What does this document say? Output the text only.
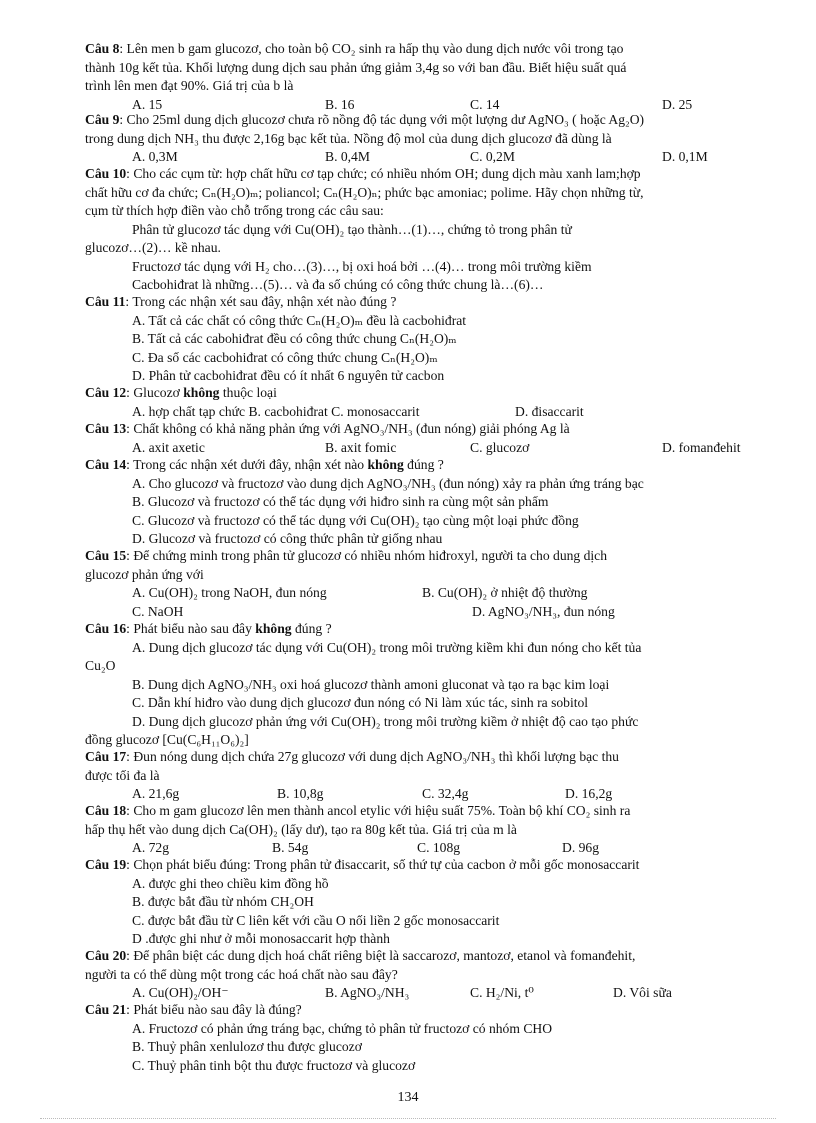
Câu 8: Lên men b gam glucozơ, cho toàn bộ CO₂ sinh ra hấp thụ vào dung dịch nước vôi trong tạo
thành 10g kết tủa. Khối lượng dung dịch sau phản ứng giảm 3,4g so với ban đầu. Biết hiệu suất quá
trình lên men đạt 90%. Giá trị của b là
A. 15	B. 16	C. 14	D. 25
Câu 9: Cho 25ml dung dịch glucozơ chưa rõ nồng độ tác dụng với một lượng dư AgNO₃ ( hoặc Ag₂O)
trong dung dịch NH₃ thu được 2,16g bạc kết tủa. Nồng độ mol của dung dịch glucozơ đã dùng là
A. 0,3M	B. 0,4M	C. 0,2M	D. 0,1M
Câu 10: Cho các cụm từ: hợp chất hữu cơ tạp chức; có nhiều nhóm OH; dung dịch màu xanh lam;hợp
chất hữu cơ đa chức; Cₙ(H₂O)ₘ; poliancol; Cₙ(H₂O)ₙ; phức bạc amoniac; polime. Hãy chọn những từ,
cụm từ thích hợp điền vào chỗ trống trong các câu sau:
Phân tử glucozơ tác dụng với Cu(OH)₂ tạo thành…(1)…, chứng tỏ trong phân tử
glucozơ…(2)… kề nhau.
Fructozơ tác dụng với H₂ cho…(3)…, bị oxi hoá bởi …(4)… trong môi trường kiềm
Cacbohiđrat là những…(5)… và đa số chúng có công thức chung là…(6)…
Câu 11: Trong các nhận xét sau đây, nhận xét nào đúng ?
A. Tất cả các chất có công thức Cₙ(H₂O)ₘ đều là cacbohiđrat
B. Tất cả các cabohiđrat đều có công thức chung Cₙ(H₂O)ₘ
C. Đa số các cacbohiđrat có công thức chung Cₙ(H₂O)ₘ
D. Phân tử cacbohiđrat đều có ít nhất 6 nguyên tử cacbon
Câu 12: Glucozơ không thuộc loại
A. hợp chất tạp chức B. cacbohiđrat C. monosaccarit	D. đisaccarit
Câu 13: Chất không có khả năng phản ứng với AgNO₃/NH₃ (đun nóng) giải phóng Ag là
A. axit axetic	B. axit fomic	C. glucozơ	D. fomanđehit
Câu 14: Trong các nhận xét dưới đây, nhận xét nào không đúng ?
A. Cho glucozơ và fructozơ vào dung dịch AgNO₃/NH₃ (đun nóng) xảy ra phản ứng tráng bạc
B. Glucozơ và fructozơ có thể tác dụng với hiđro sinh ra cùng một sản phẩm
C. Glucozơ và fructozơ có thể tác dụng với Cu(OH)₂ tạo cùng một loại phức đồng
D. Glucozơ và fructozơ có công thức phân tử giống nhau
Câu 15: Để chứng minh trong phân tử glucozơ có nhiều nhóm hiđroxyl, người ta cho dung dịch
glucozơ phản ứng với
A. Cu(OH)₂ trong NaOH, đun nóng	B. Cu(OH)₂ ở nhiệt độ thường
C. NaOH	D. AgNO₃/NH₃, đun nóng
Câu 16: Phát biểu nào sau đây không đúng ?
A. Dung dịch glucozơ tác dụng với Cu(OH)₂ trong môi trường kiềm khi đun nóng cho kết tủa
Cu₂O
B. Dung dịch AgNO₃/NH₃ oxi hoá glucozơ thành amoni gluconat và tạo ra bạc kim loại
C. Dẫn khí hiđro vào dung dịch glucozơ đun nóng có Ni làm xúc tác, sinh ra sobitol
D. Dung dịch glucozơ phản ứng với Cu(OH)₂ trong môi trường kiềm ở nhiệt độ cao tạo phức
đồng glucozơ [Cu(C₆H₁₁O₆)₂]
Câu 17: Đun nóng dung dịch chứa 27g glucozơ với dung dịch AgNO₃/NH₃ thì khối lượng bạc thu
được tối đa là
A. 21,6g	B. 10,8g	C. 32,4g	D. 16,2g
Câu 18: Cho m gam glucozơ lên men thành ancol etylic với hiệu suất 75%. Toàn bộ khí CO₂ sinh ra
hấp thụ hết vào dung dịch Ca(OH)₂ (lấy dư), tạo ra 80g kết tủa. Giá trị của m là
A. 72g	B. 54g	C. 108g	D. 96g
Câu 19: Chọn phát biểu đúng: Trong phân tử đisaccarit, số thứ tự của cacbon ở mỗi gốc monosaccarit
A. được ghi theo chiều kim đồng hồ
B. được bắt đầu từ nhóm CH₂OH
C. được bắt đầu từ C liên kết với cầu O nối liền 2 gốc monosaccarit
D .được ghi như ở mỗi monosaccarit hợp thành
Câu 20: Để phân biệt các dung dịch hoá chất riêng biệt là saccarozơ, mantozơ, etanol và fomanđehit,
người ta có thể dùng một trong các hoá chất nào sau đây?
A. Cu(OH)₂/OH⁻	B. AgNO₃/NH₃	C. H₂/Ni, t⁰	D. Vôi sữa
Câu 21: Phát biểu nào sau đây là đúng?
A. Fructozơ có phản ứng tráng bạc, chứng tỏ phân tử fructozơ có nhóm CHO
B. Thuỷ phân xenlulozơ thu được glucozơ
C. Thuỷ phân tinh bột thu được fructozơ và glucozơ
134
